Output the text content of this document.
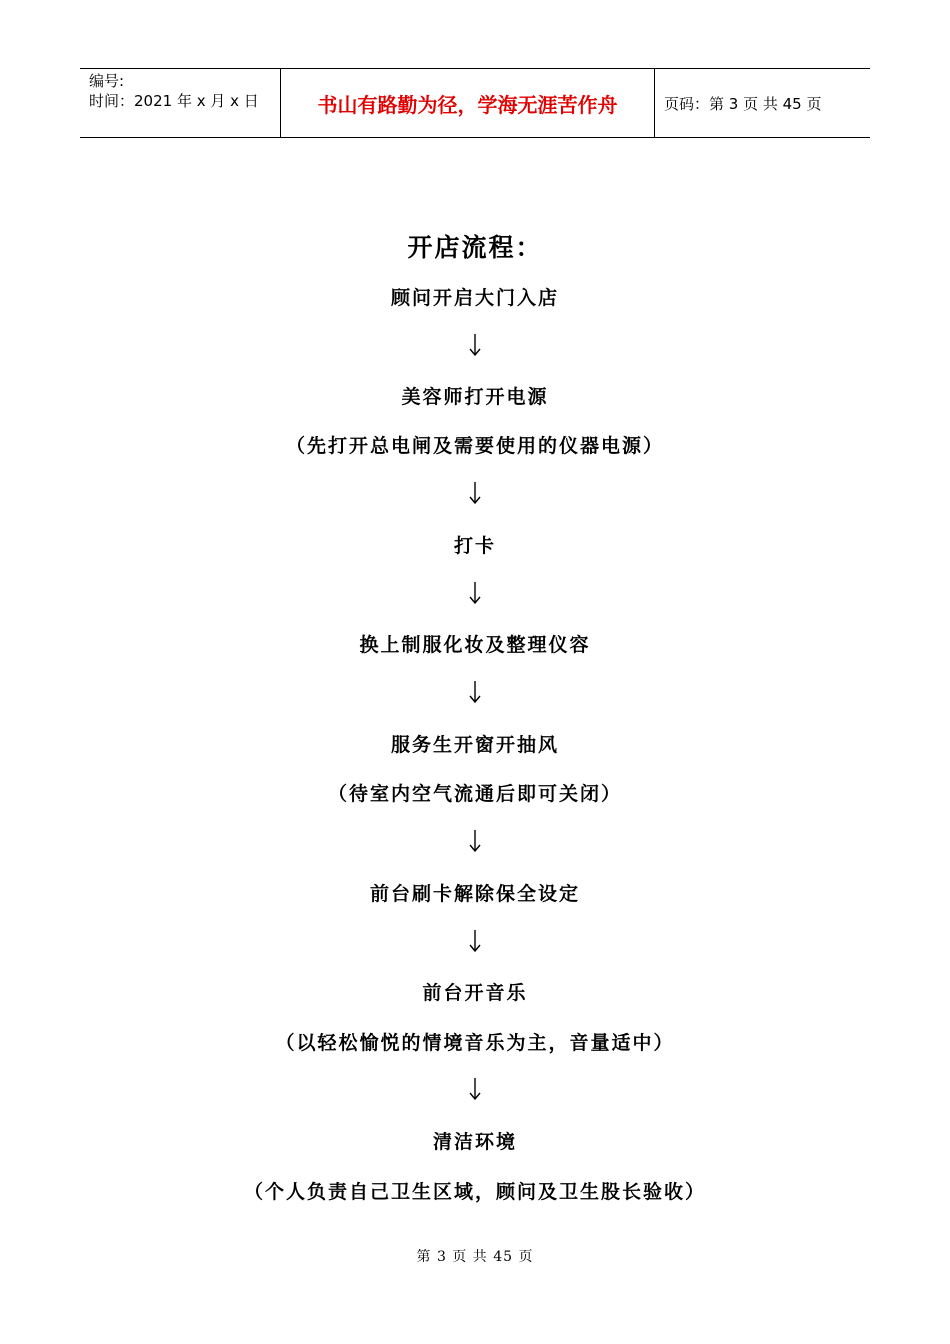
编号:
时间：2021 年 x 月 x 日	书山有路勤为径，学海无涯苦作舟	页码：第 3 页 共 45 页
开店流程：
顾问开启大门入店
美容师打开电源
（先打开总电闸及需要使用的仪器电源）
打卡
换上制服化妆及整理仪容
服务生开窗开抽风
（待室内空气流通后即可关闭）
前台刷卡解除保全设定
前台开音乐
（以轻松愉悦的情境音乐为主，音量适中）
清洁环境
（个人负责自己卫生区域，顾问及卫生股长验收）
第 3 页 共 45 页
